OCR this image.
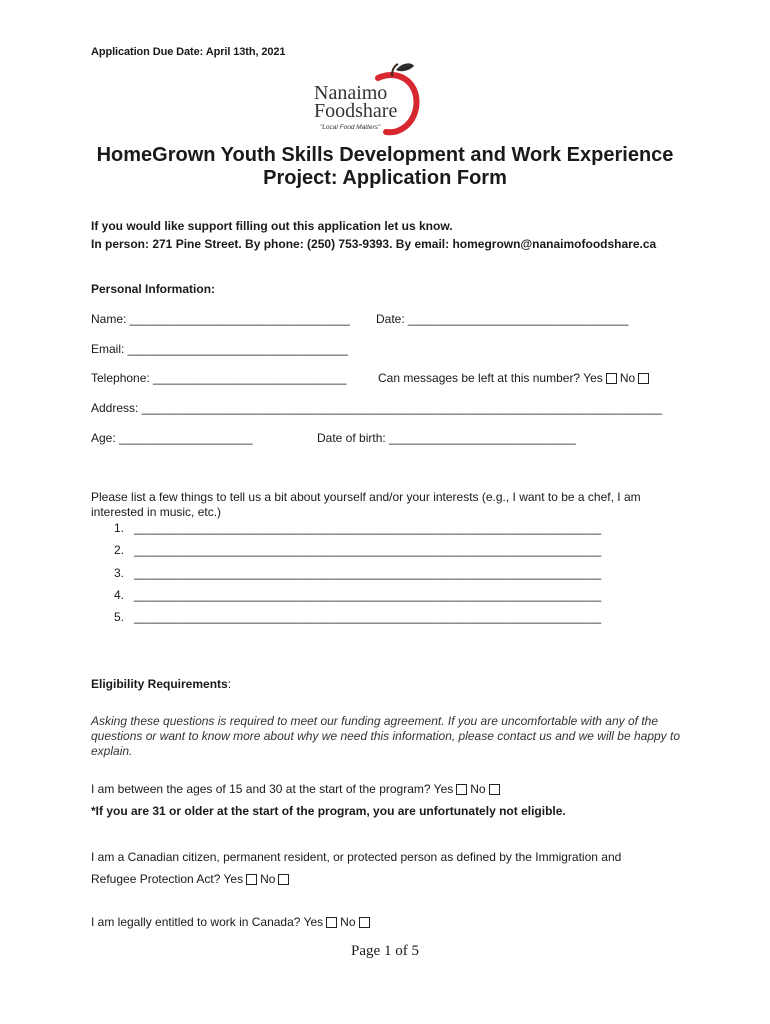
Application Due Date: April 13th, 2021
Nanaimo
Foodshare
"Local Food Matters"
HomeGrown Youth Skills Development and Work Experience
Project: Application Form
If you would like support filling out this application let us know.
In person: 271 Pine Street. By phone: (250) 753-9393. By email: homegrown@nanaimofoodshare.ca
Personal Information:
Name: _________________________________ Date: _________________________________
Email: _________________________________
Telephone: _____________________________	Can messages be left at this number? Yes No
Address: ______________________________________________________________________________
Age: ____________________	Date of birth: ____________________________
Please list a few things to tell us a bit about yourself and/or your interests (e.g., I want to be a chef, I am interested in music, etc.)
1. ______________________________________________________________________
2. ______________________________________________________________________
3. ______________________________________________________________________
4. ______________________________________________________________________
5. ______________________________________________________________________
Eligibility Requirements:
Asking these questions is required to meet our funding agreement. If you are uncomfortable with any of the questions or want to know more about why we need this information, please contact us and we will be happy to explain.
I am between the ages of 15 and 30 at the start of the program? Yes No
*If you are 31 or older at the start of the program, you are unfortunately not eligible.
I am a Canadian citizen, permanent resident, or protected person as defined by the Immigration and
Refugee Protection Act? Yes No
I am legally entitled to work in Canada? Yes No
Page 1 of 5
